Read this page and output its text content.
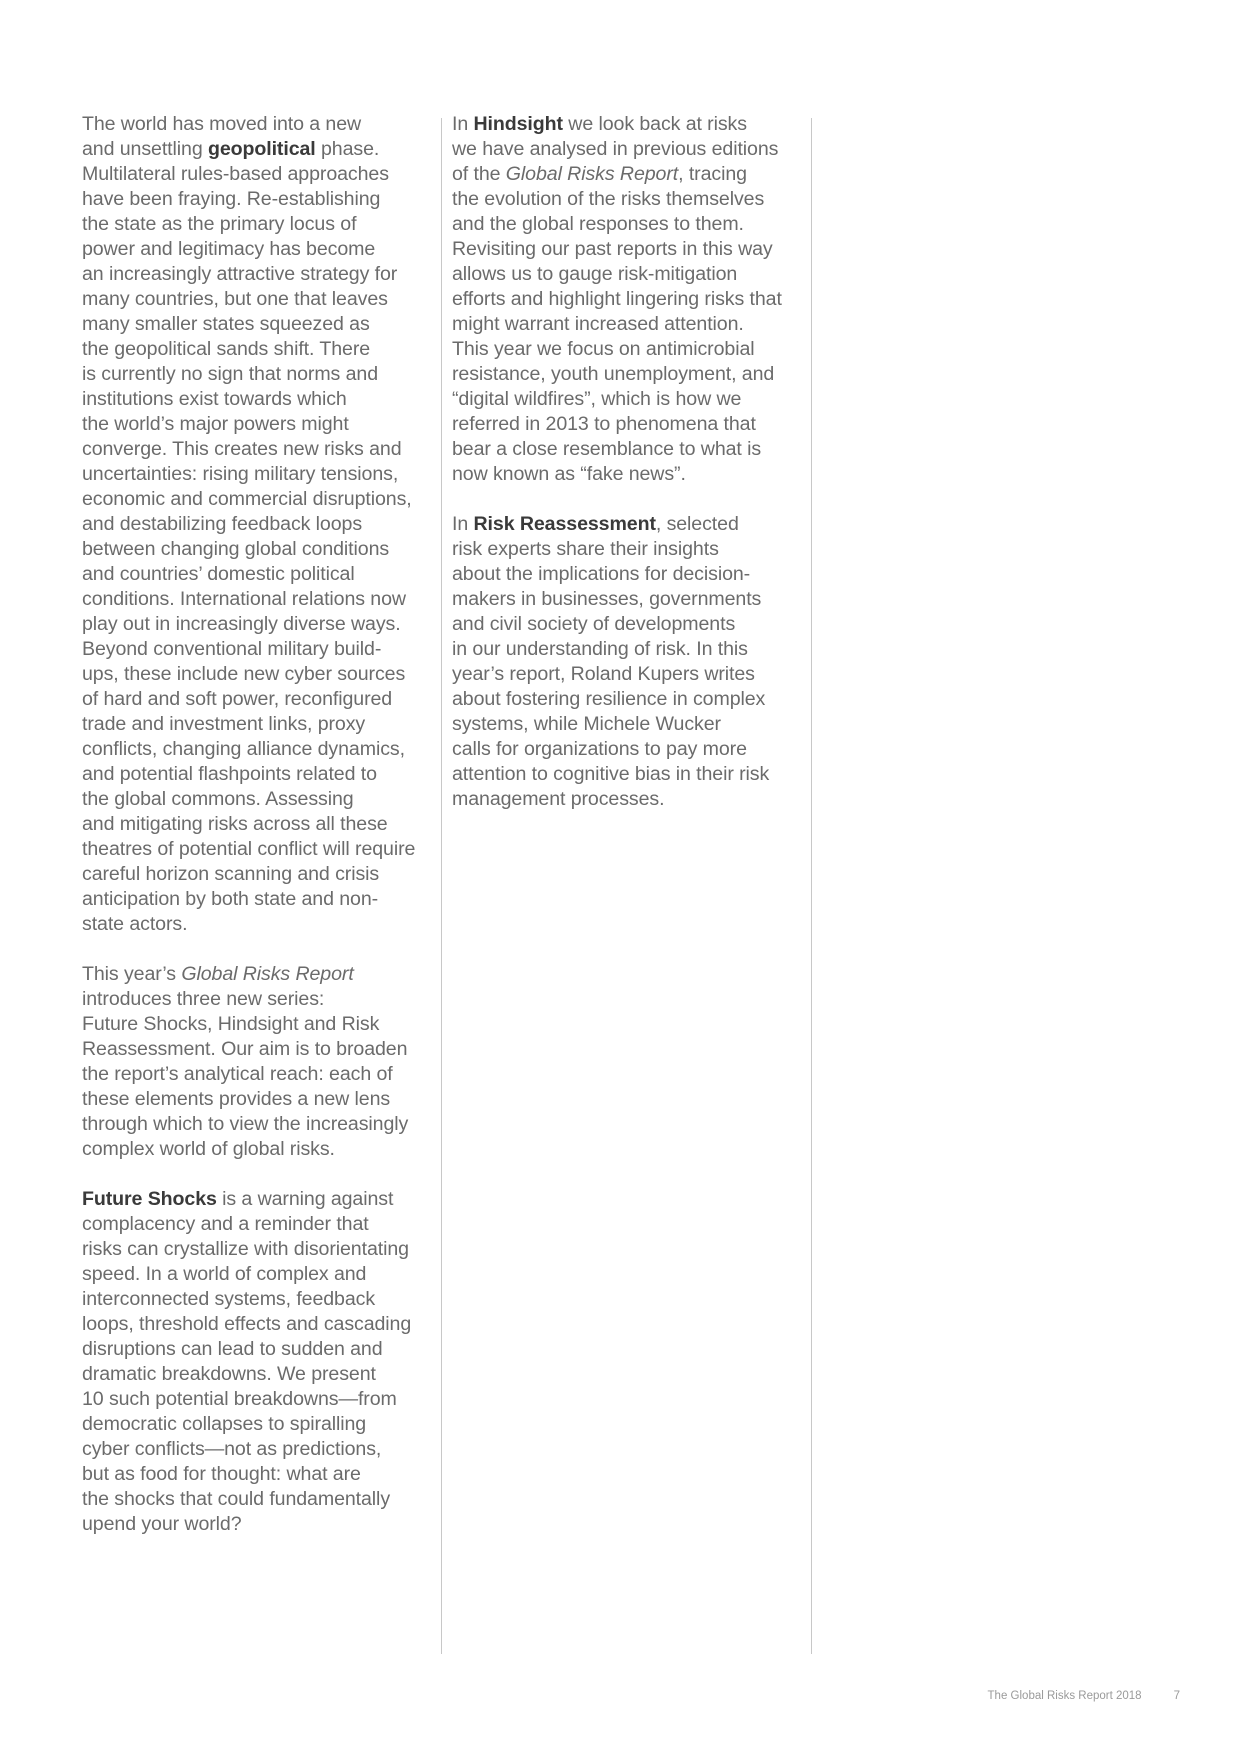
The world has moved into a new
and unsettling geopolitical phase.
Multilateral rules-based approaches
have been fraying. Re-establishing
the state as the primary locus of
power and legitimacy has become
an increasingly attractive strategy for
many countries, but one that leaves
many smaller states squeezed as
the geopolitical sands shift. There
is currently no sign that norms and
institutions exist towards which
the world’s major powers might
converge. This creates new risks and
uncertainties: rising military tensions,
economic and commercial disruptions,
and destabilizing feedback loops
between changing global conditions
and countries’ domestic political
conditions. International relations now
play out in increasingly diverse ways.
Beyond conventional military build-
ups, these include new cyber sources
of hard and soft power, reconfigured
trade and investment links, proxy
conflicts, changing alliance dynamics,
and potential flashpoints related to
the global commons. Assessing
and mitigating risks across all these
theatres of potential conflict will require
careful horizon scanning and crisis
anticipation by both state and non-
state actors.

This year’s Global Risks Report
introduces three new series:
Future Shocks, Hindsight and Risk
Reassessment. Our aim is to broaden
the report’s analytical reach: each of
these elements provides a new lens
through which to view the increasingly
complex world of global risks.

Future Shocks is a warning against
complacency and a reminder that
risks can crystallize with disorientating
speed. In a world of complex and
interconnected systems, feedback
loops, threshold effects and cascading
disruptions can lead to sudden and
dramatic breakdowns. We present
10 such potential breakdowns—from
democratic collapses to spiralling
cyber conflicts—not as predictions,
but as food for thought: what are
the shocks that could fundamentally
upend your world?

In Hindsight we look back at risks
we have analysed in previous editions
of the Global Risks Report, tracing
the evolution of the risks themselves
and the global responses to them.
Revisiting our past reports in this way
allows us to gauge risk-mitigation
efforts and highlight lingering risks that
might warrant increased attention.
This year we focus on antimicrobial
resistance, youth unemployment, and
“digital wildfires”, which is how we
referred in 2013 to phenomena that
bear a close resemblance to what is
now known as “fake news”.

In Risk Reassessment, selected
risk experts share their insights
about the implications for decision-
makers in businesses, governments
and civil society of developments
in our understanding of risk. In this
year’s report, Roland Kupers writes
about fostering resilience in complex
systems, while Michele Wucker
calls for organizations to pay more
attention to cognitive bias in their risk
management processes.

The Global Risks Report 2018	7
